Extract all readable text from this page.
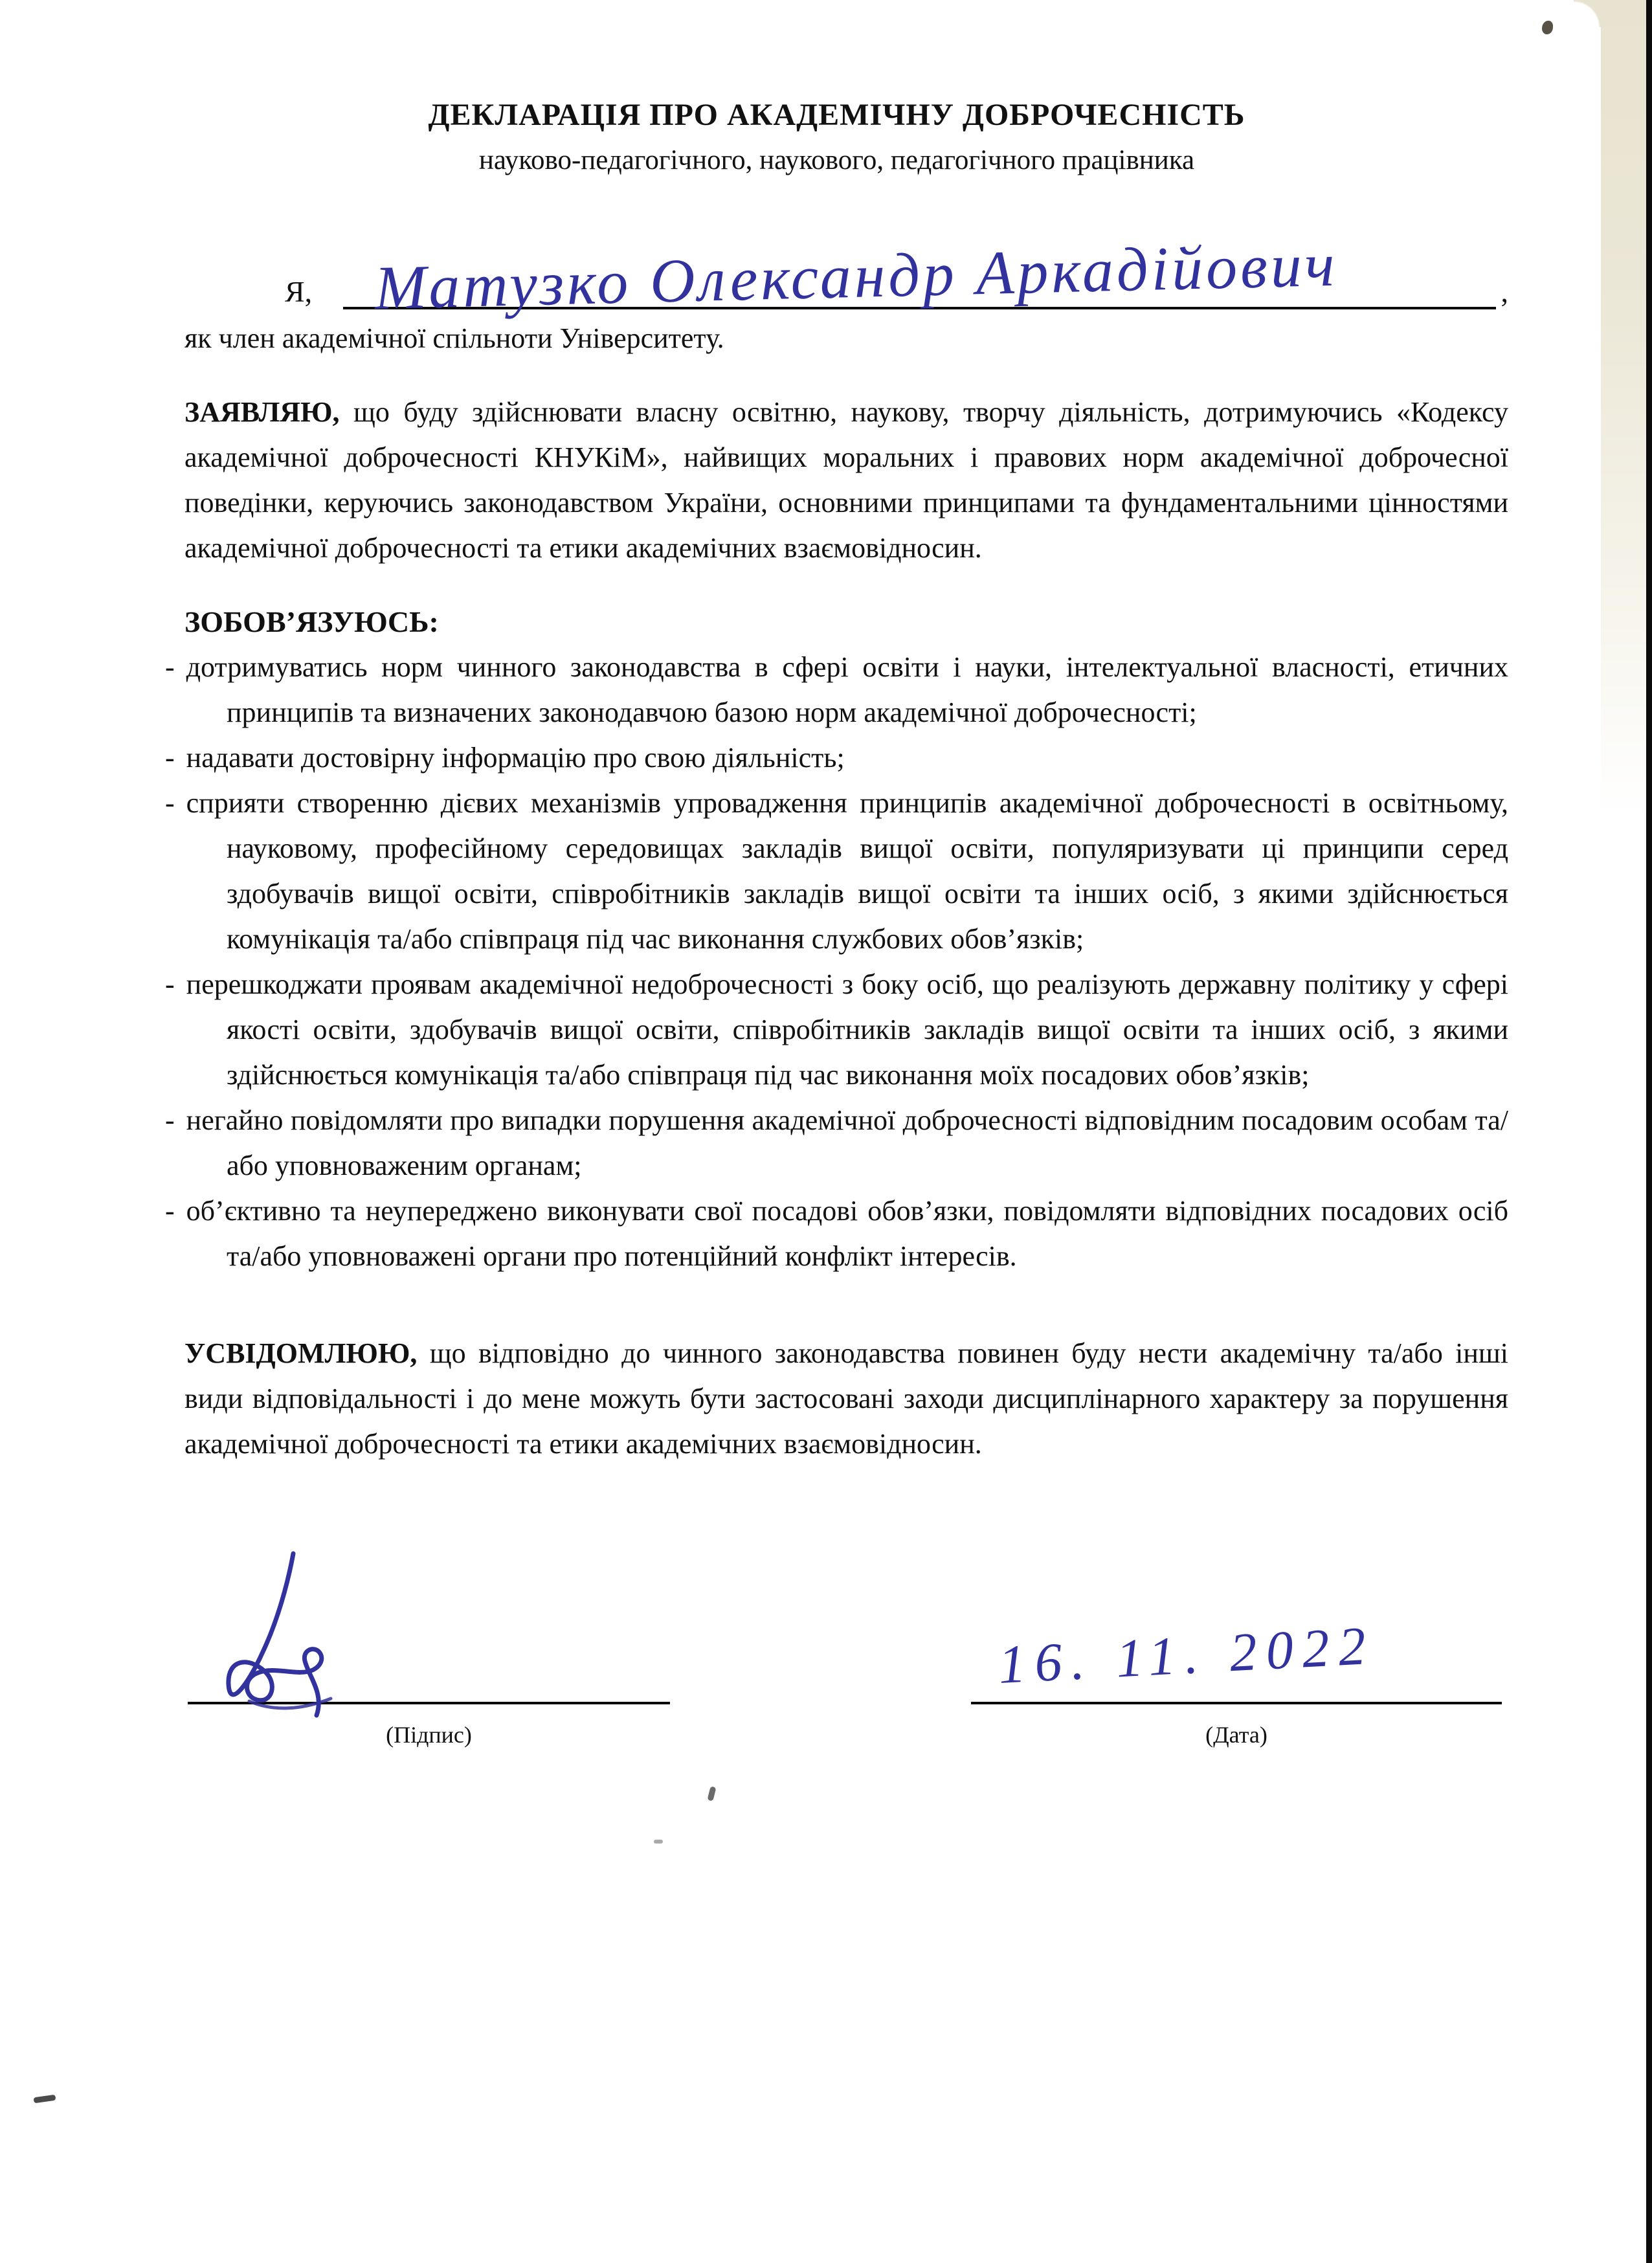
ДЕКЛАРАЦІЯ ПРО АКАДЕМІЧНУ ДОБРОЧЕСНІСТЬ
науково-педагогічного, наукового, педагогічного працівника
Я, Матузко Олександр Аркадійович	,
як член академічної спільноти Університету.

ЗАЯВЛЯЮ, що буду здійснювати власну освітню, наукову, творчу діяльність, дотримуючись «Кодексу академічної доброчесності КНУКіМ», найвищих моральних і правових норм академічної доброчесної поведінки, керуючись законодавством України, основними принципами та фундаментальними цінностями академічної доброчесності та етики академічних взаємовідносин.

ЗОБОВ’ЯЗУЮСЬ:

- дотримуватись норм чинного законодавства в сфері освіти і науки, інтелектуальної власності, етичних принципів та визначених законодавчою базою норм академічної доброчесності;

- надавати достовірну інформацію про свою діяльність;

- сприяти створенню дієвих механізмів упровадження принципів академічної доброчесності в освітньому, науковому, професійному середовищах закладів вищої освіти, популяризувати ці принципи серед здобувачів вищої освіти, співробітників закладів вищої освіти та інших осіб, з якими здійснюється комунікація та/або співпраця під час виконання службових обов’язків;

- перешкоджати проявам академічної недоброчесності з боку осіб, що реалізують державну політику у сфері якості освіти, здобувачів вищої освіти, співробітників закладів вищої освіти та інших осіб, з якими здійснюється комунікація та/або співпраця під час виконання моїх посадових обов’язків;

- негайно повідомляти про випадки порушення академічної доброчесності відповідним посадовим особам та/або уповноваженим органам;

- об’єктивно та неупереджено виконувати свої посадові обов’язки, повідомляти відповідних посадових осіб та/або уповноважені органи про потенційний конфлікт інтересів.

УСВІДОМЛЮЮ, що відповідно до чинного законодавства повинен буду нести академічну та/або інші види відповідальності і до мене можуть бути застосовані заходи дисциплінарного характеру за порушення академічної доброчесності та етики академічних взаємовідносин.

(Підпис)
16. 11. 2022
(Дата)
